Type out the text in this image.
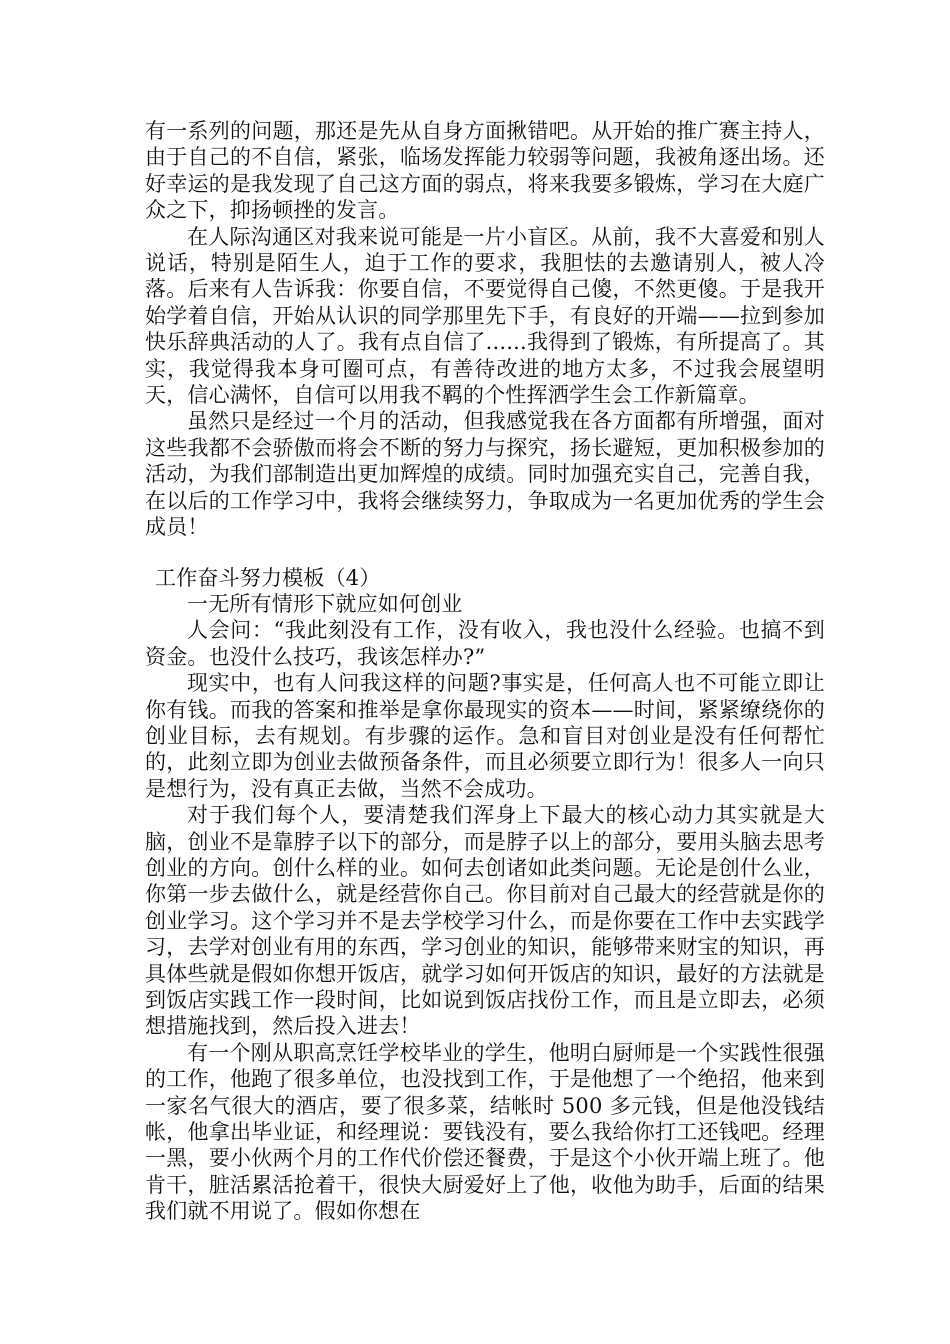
有一系列的问题，那还是先从自身方面揪错吧。从开始的推广赛主持人，由于自己的不自信，紧张，临场发挥能力较弱等问题，我被角逐出场。还好幸运的是我发现了自己这方面的弱点，将来我要多锻炼，学习在大庭广众之下，抑扬顿挫的发言。

在人际沟通区对我来说可能是一片小盲区。从前，我不大喜爱和别人说话，特别是陌生人，迫于工作的要求，我胆怯的去邀请别人，被人冷落。后来有人告诉我：你要自信，不要觉得自己傻，不然更傻。于是我开始学着自信，开始从认识的同学那里先下手，有良好的开端——拉到参加快乐辞典活动的人了。我有点自信了......我得到了锻炼，有所提高了。其实，我觉得我本身可圈可点，有善待改进的地方太多，不过我会展望明天，信心满怀，自信可以用我不羁的个性挥洒学生会工作新篇章。

虽然只是经过一个月的活动，但我感觉我在各方面都有所增强，面对这些我都不会骄傲而将会不断的努力与探究，扬长避短，更加积极参加的活动，为我们部制造出更加辉煌的成绩。同时加强充实自己，完善自我，在以后的工作学习中，我将会继续努力，争取成为一名更加优秀的学生会成员！

工作奋斗努力模板（4）

一无所有情形下就应如何创业

人会问：“我此刻没有工作，没有收入，我也没什么经验。也搞不到资金。也没什么技巧，我该怎样办?”

现实中，也有人问我这样的问题?事实是，任何高人也不可能立即让你有钱。而我的答案和推举是拿你最现实的资本——时间，紧紧缭绕你的创业目标，去有规划。有步骤的运作。急和盲目对创业是没有任何帮忙的，此刻立即为创业去做预备条件，而且必须要立即行为！很多人一向只是想行为，没有真正去做，当然不会成功。

对于我们每个人，要清楚我们浑身上下最大的核心动力其实就是大脑，创业不是靠脖子以下的部分，而是脖子以上的部分，要用头脑去思考创业的方向。创什么样的业。如何去创诸如此类问题。无论是创什么业，你第一步去做什么，就是经营你自己。你目前对自己最大的经营就是你的创业学习。这个学习并不是去学校学习什么，而是你要在工作中去实践学习，去学对创业有用的东西，学习创业的知识，能够带来财宝的知识，再具体些就是假如你想开饭店，就学习如何开饭店的知识，最好的方法就是到饭店实践工作一段时间，比如说到饭店找份工作，而且是立即去，必须想措施找到，然后投入进去！

有一个刚从职高烹饪学校毕业的学生，他明白厨师是一个实践性很强的工作，他跑了很多单位，也没找到工作，于是他想了一个绝招，他来到一家名气很大的酒店，要了很多菜，结帐时 500 多元钱，但是他没钱结帐，他拿出毕业证，和经理说：要钱没有，要么我给你打工还钱吧。经理一黑，要小伙两个月的工作代价偿还餐费，于是这个小伙开端上班了。他肯干，脏活累活抢着干，很快大厨爱好上了他，收他为助手，后面的结果我们就不用说了。假如你想在
